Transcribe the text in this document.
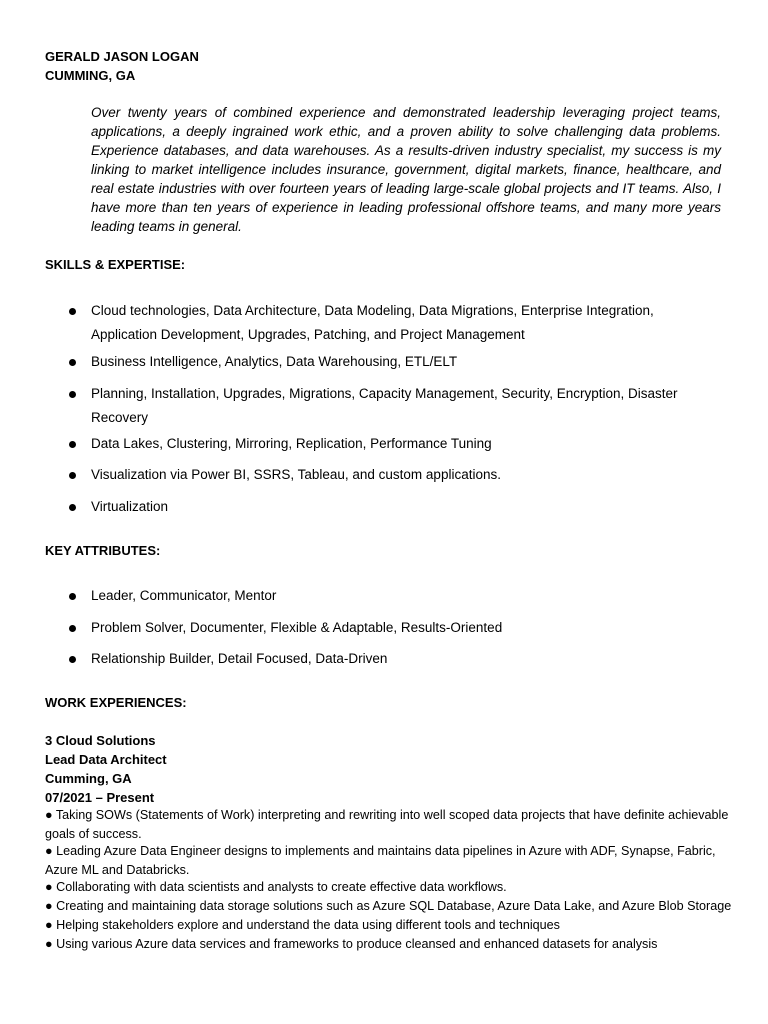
GERALD JASON LOGAN
CUMMING, GA
Over twenty years of combined experience and demonstrated leadership leveraging project teams, applications, a deeply ingrained work ethic, and a proven ability to solve challenging data problems. Experience databases, and data warehouses. As a results-driven industry specialist, my success is my linking to market intelligence includes insurance, government, digital markets, finance, healthcare, and real estate industries with over fourteen years of leading large-scale global projects and IT teams. Also, I have more than ten years of experience in leading professional offshore teams, and many more years leading teams in general.
SKILLS & EXPERTISE:
Cloud technologies, Data Architecture, Data Modeling, Data Migrations, Enterprise Integration, Application Development, Upgrades, Patching, and Project Management
Business Intelligence, Analytics, Data Warehousing, ETL/ELT
Planning, Installation, Upgrades, Migrations, Capacity Management, Security, Encryption, Disaster Recovery
Data Lakes, Clustering, Mirroring, Replication, Performance Tuning
Visualization via Power BI, SSRS, Tableau, and custom applications.
Virtualization
KEY ATTRIBUTES:
Leader, Communicator, Mentor
Problem Solver, Documenter, Flexible & Adaptable, Results-Oriented
Relationship Builder, Detail Focused, Data-Driven
WORK EXPERIENCES:
3 Cloud Solutions
Lead Data Architect
Cumming, GA
07/2021 – Present
● Taking SOWs (Statements of Work) interpreting and rewriting into well scoped data projects that have definite achievable goals of success.
● Leading Azure Data Engineer designs to implements and maintains data pipelines in Azure with ADF, Synapse, Fabric, Azure ML and Databricks.
● Collaborating with data scientists and analysts to create effective data workflows.
● Creating and maintaining data storage solutions such as Azure SQL Database, Azure Data Lake, and Azure Blob Storage
● Helping stakeholders explore and understand the data using different tools and techniques
● Using various Azure data services and frameworks to produce cleansed and enhanced datasets for analysis
